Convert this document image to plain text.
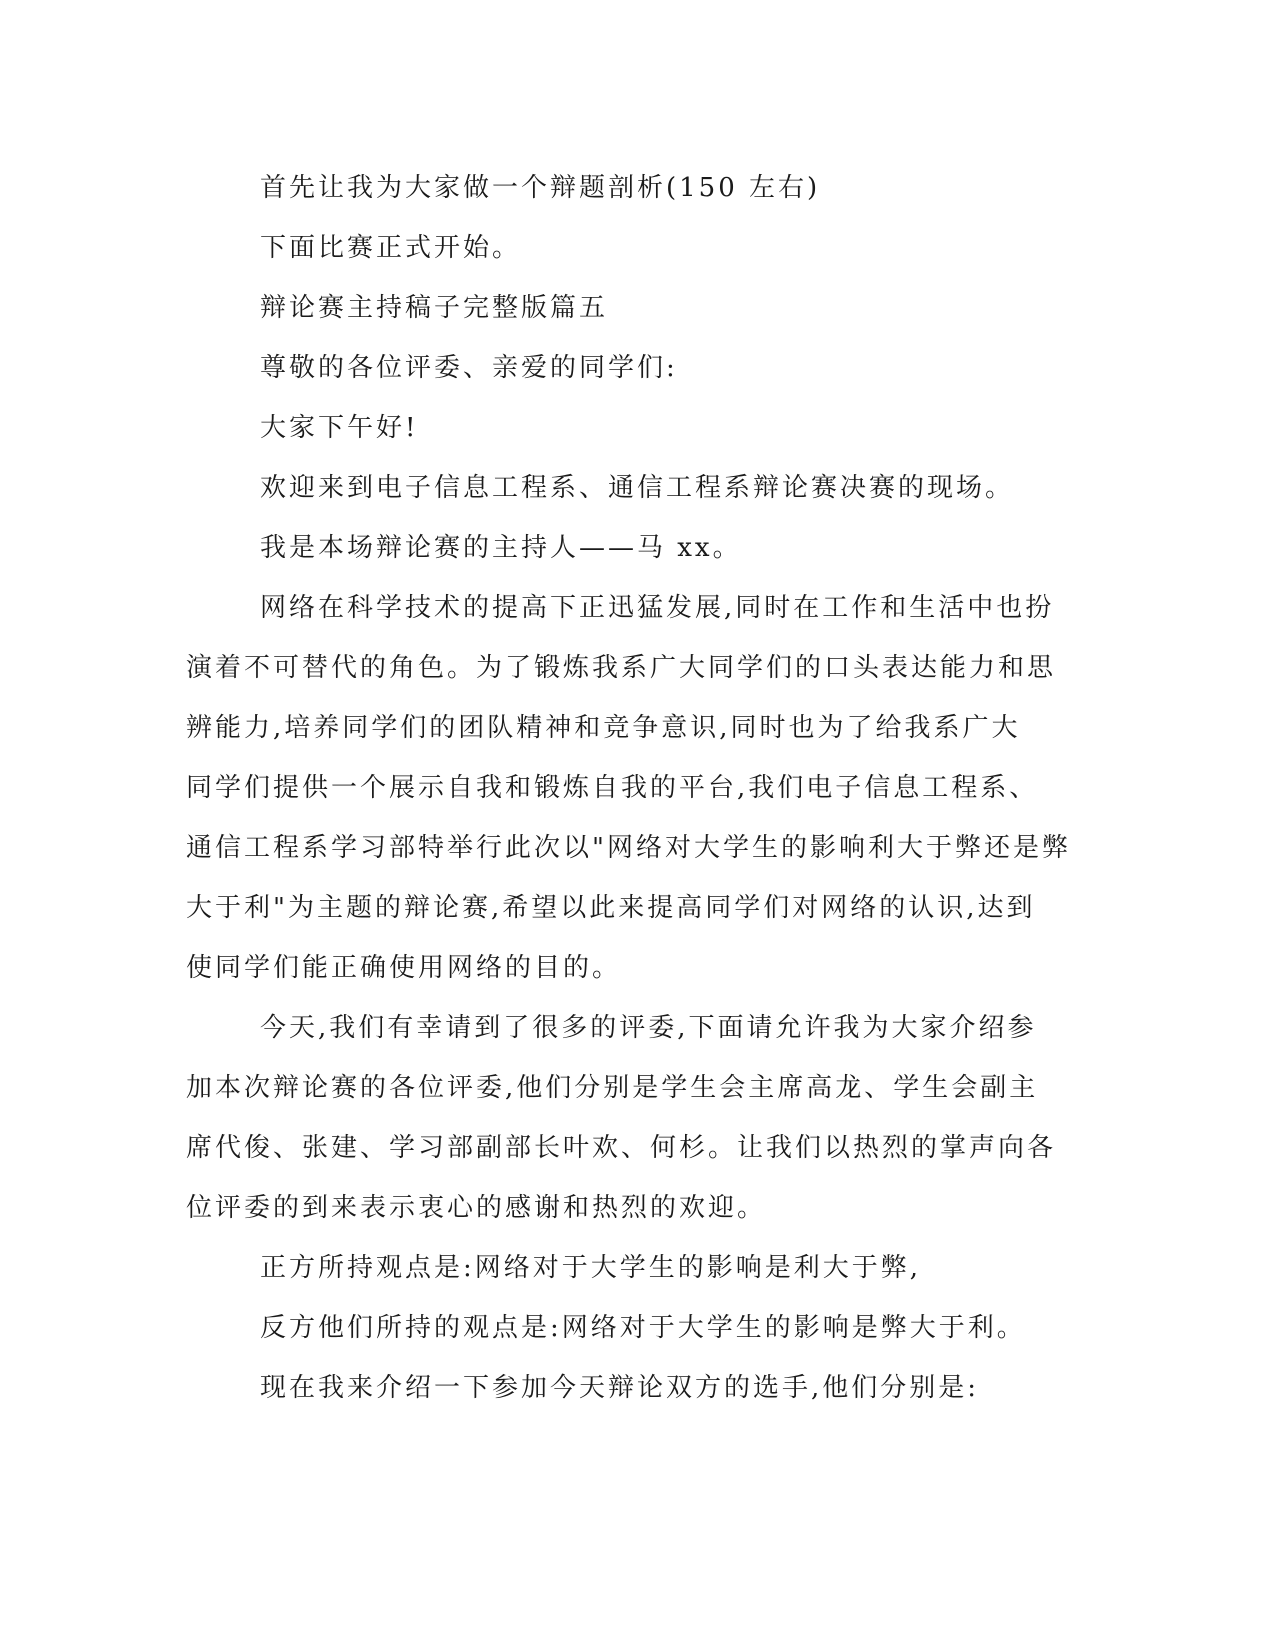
首先让我为大家做一个辩题剖析(150 左右)

下面比赛正式开始。

辩论赛主持稿子完整版篇五

尊敬的各位评委、亲爱的同学们:

大家下午好!

欢迎来到电子信息工程系、通信工程系辩论赛决赛的现场。

我是本场辩论赛的主持人——马 xx。

网络在科学技术的提高下正迅猛发展,同时在工作和生活中也扮

演着不可替代的角色。为了锻炼我系广大同学们的口头表达能力和思

辨能力,培养同学们的团队精神和竞争意识,同时也为了给我系广大

同学们提供一个展示自我和锻炼自我的平台,我们电子信息工程系、

通信工程系学习部特举行此次以"网络对大学生的影响利大于弊还是弊

大于利"为主题的辩论赛,希望以此来提高同学们对网络的认识,达到

使同学们能正确使用网络的目的。

今天,我们有幸请到了很多的评委,下面请允许我为大家介绍参

加本次辩论赛的各位评委,他们分别是学生会主席高龙、学生会副主

席代俊、张建、学习部副部长叶欢、何杉。让我们以热烈的掌声向各

位评委的到来表示衷心的感谢和热烈的欢迎。

正方所持观点是:网络对于大学生的影响是利大于弊,

反方他们所持的观点是:网络对于大学生的影响是弊大于利。

现在我来介绍一下参加今天辩论双方的选手,他们分别是:
